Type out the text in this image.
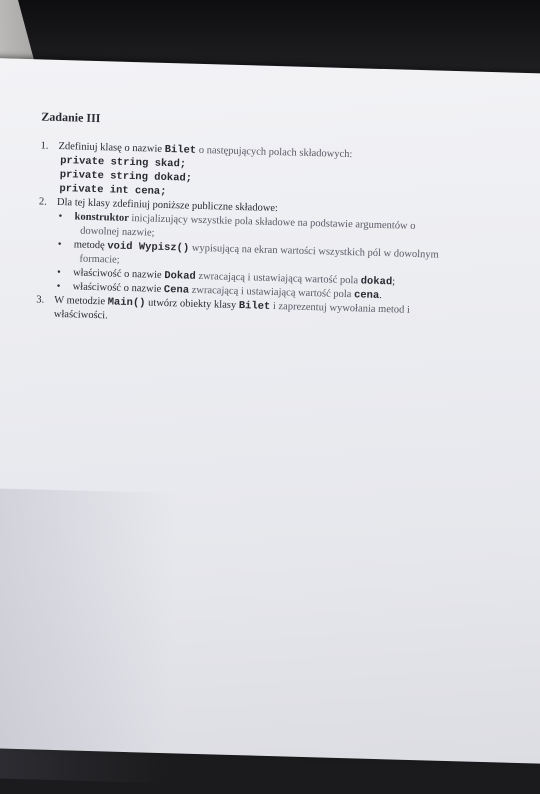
Zadanie III
1. Zdefiniuj klasę o nazwie Bilet o następujących polach składowych:
private string skad;
private string dokad;
private int cena;
2. Dla tej klasy zdefiniuj poniższe publiczne składowe:
• konstruktor inicjalizujący wszystkie pola składowe na podstawie argumentów o
dowolnej nazwie;
• metodę void Wypisz() wypisującą na ekran wartości wszystkich pól w dowolnym
formacie;
• właściwość o nazwie Dokad zwracającą i ustawiającą wartość pola dokad;
• właściwość o nazwie Cena zwracającą i ustawiającą wartość pola cena.
3. W metodzie Main() utwórz obiekty klasy Bilet i zaprezentuj wywołania metod i
właściwości.
